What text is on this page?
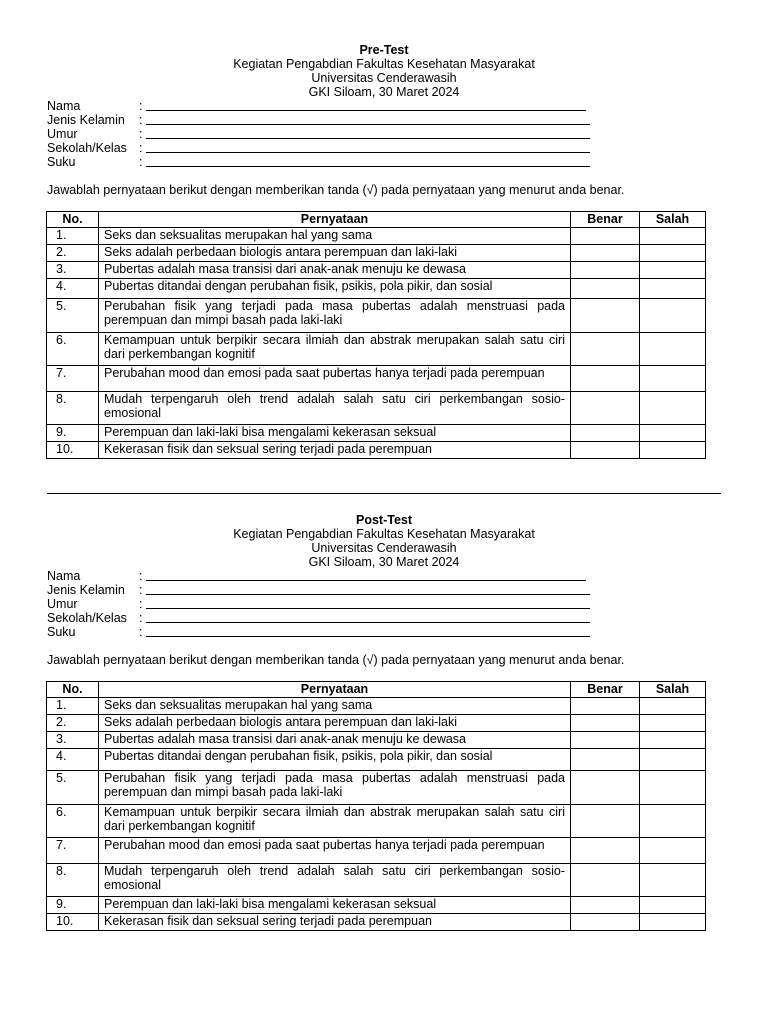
Pre-Test
Kegiatan Pengabdian Fakultas Kesehatan Masyarakat
Universitas Cenderawasih
GKI Siloam, 30 Maret 2024
Nama	:
Jenis Kelamin :
Umur	:
Sekolah/Kelas :
Suku	:
Jawablah pernyataan berikut dengan memberikan tanda (√) pada pernyataan yang menurut anda benar.
No.	Pernyataan	Benar	Salah
1.	Seks dan seksualitas merupakan hal yang sama		
2.	Seks adalah perbedaan biologis antara perempuan dan laki-laki		
3.	Pubertas adalah masa transisi dari anak-anak menuju ke dewasa		
4.	Pubertas ditandai dengan perubahan fisik, psikis, pola pikir, dan sosial		
5.	Perubahan fisik yang terjadi pada masa pubertas adalah menstruasi pada perempuan dan mimpi basah pada laki-laki		
6.	Kemampuan untuk berpikir secara ilmiah dan abstrak merupakan salah satu ciri dari perkembangan kognitif		
7.	Perubahan mood dan emosi pada saat pubertas hanya terjadi pada perempuan		
8.	Mudah terpengaruh oleh trend adalah salah satu ciri perkembangan sosio-emosional		
9.	Perempuan dan laki-laki bisa mengalami kekerasan seksual		
10.	Kekerasan fisik dan seksual sering terjadi pada perempuan		
Post-Test
Kegiatan Pengabdian Fakultas Kesehatan Masyarakat
Universitas Cenderawasih
GKI Siloam, 30 Maret 2024
Nama	:
Jenis Kelamin :
Umur	:
Sekolah/Kelas :
Suku	:
Jawablah pernyataan berikut dengan memberikan tanda (√) pada pernyataan yang menurut anda benar.
No.	Pernyataan	Benar	Salah
1.	Seks dan seksualitas merupakan hal yang sama		
2.	Seks adalah perbedaan biologis antara perempuan dan laki-laki		
3.	Pubertas adalah masa transisi dari anak-anak menuju ke dewasa		
4.	Pubertas ditandai dengan perubahan fisik, psikis, pola pikir, dan sosial		
5.	Perubahan fisik yang terjadi pada masa pubertas adalah menstruasi pada perempuan dan mimpi basah pada laki-laki		
6.	Kemampuan untuk berpikir secara ilmiah dan abstrak merupakan salah satu ciri dari perkembangan kognitif		
7.	Perubahan mood dan emosi pada saat pubertas hanya terjadi pada perempuan		
8.	Mudah terpengaruh oleh trend adalah salah satu ciri perkembangan sosio-emosional		
9.	Perempuan dan laki-laki bisa mengalami kekerasan seksual		
10.	Kekerasan fisik dan seksual sering terjadi pada perempuan		
